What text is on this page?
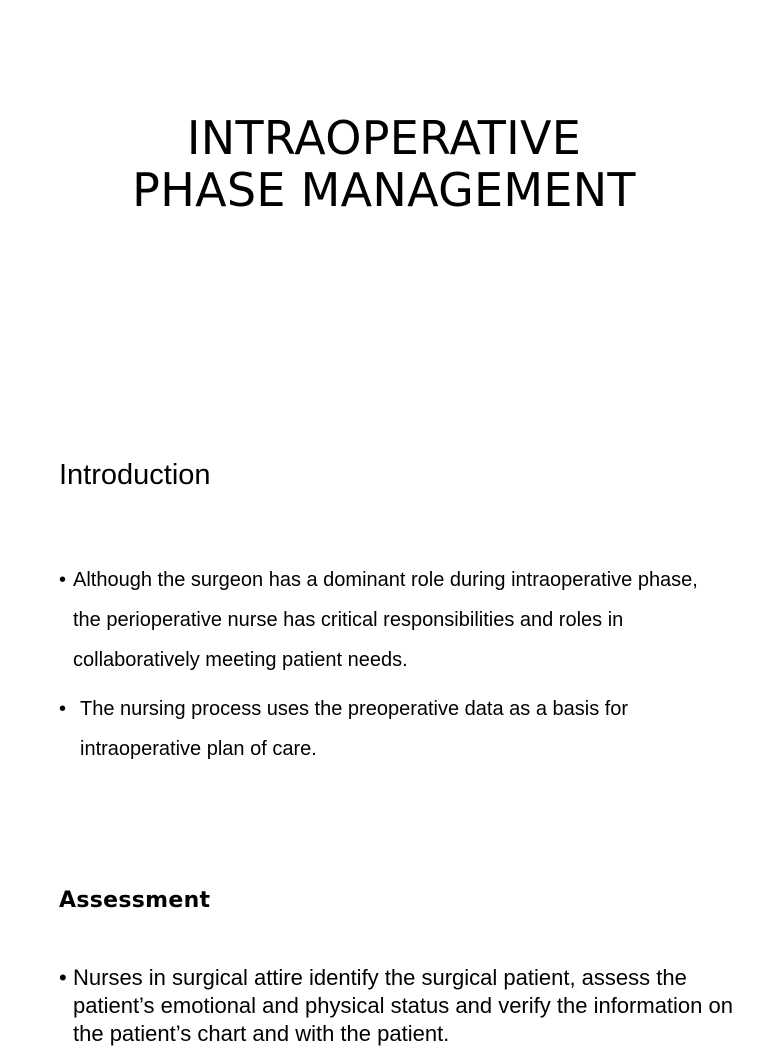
INTRAOPERATIVE
PHASE MANAGEMENT
Introduction
• Although the surgeon has a dominant role during intraoperative phase, the perioperative nurse has critical responsibilities and roles in collaboratively meeting patient needs.
• The nursing process uses the preoperative data as a basis for intraoperative plan of care.
Assessment
• Nurses in surgical attire identify the surgical patient, assess the patient’s emotional and physical status and verify the information on the patient’s chart and with the patient.
